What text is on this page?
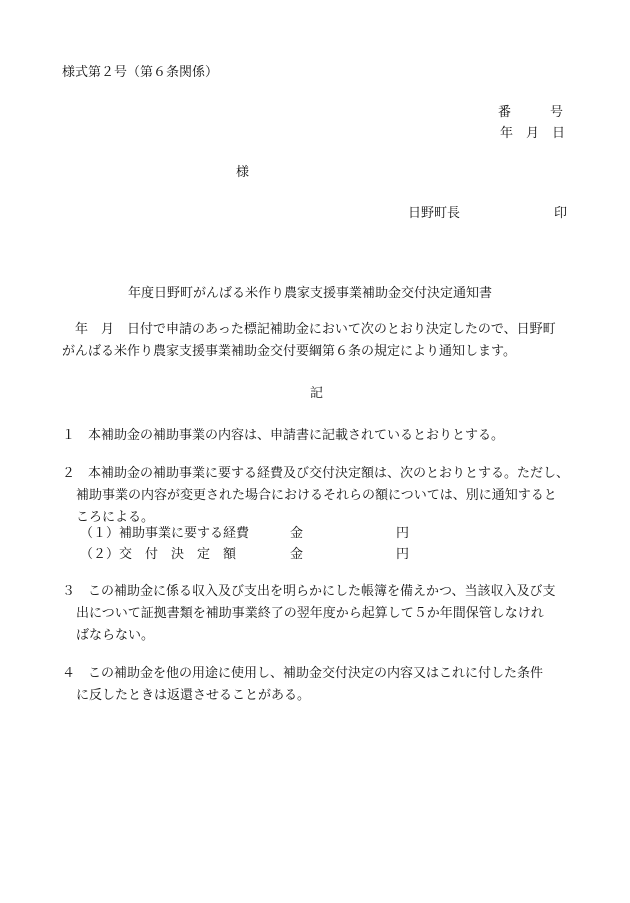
様式第２号（第６条関係）
番　　　号
年　月　日
様
日野町長	印
年度日野町がんばる米作り農家支援事業補助金交付決定通知書
　年　月　日付で申請のあった標記補助金において次のとおり決定したので、日野町
がんばる米作り農家支援事業補助金交付要綱第６条の規定により通知します。
記
１　本補助金の補助事業の内容は、申請書に記載されているとおりとする。
２　本補助金の補助事業に要する経費及び交付決定額は、次のとおりとする。ただし、
補助事業の内容が変更された場合におけるそれらの額については、別に通知すると
ころによる。
（１）補助事業に要する経費	金	円
（２）交　付　決　定　額	金	円
３　この補助金に係る収入及び支出を明らかにした帳簿を備えかつ、当該収入及び支
出について証拠書類を補助事業終了の翌年度から起算して５か年間保管しなけれ
ばならない。
４　この補助金を他の用途に使用し、補助金交付決定の内容又はこれに付した条件
に反したときは返還させることがある。
